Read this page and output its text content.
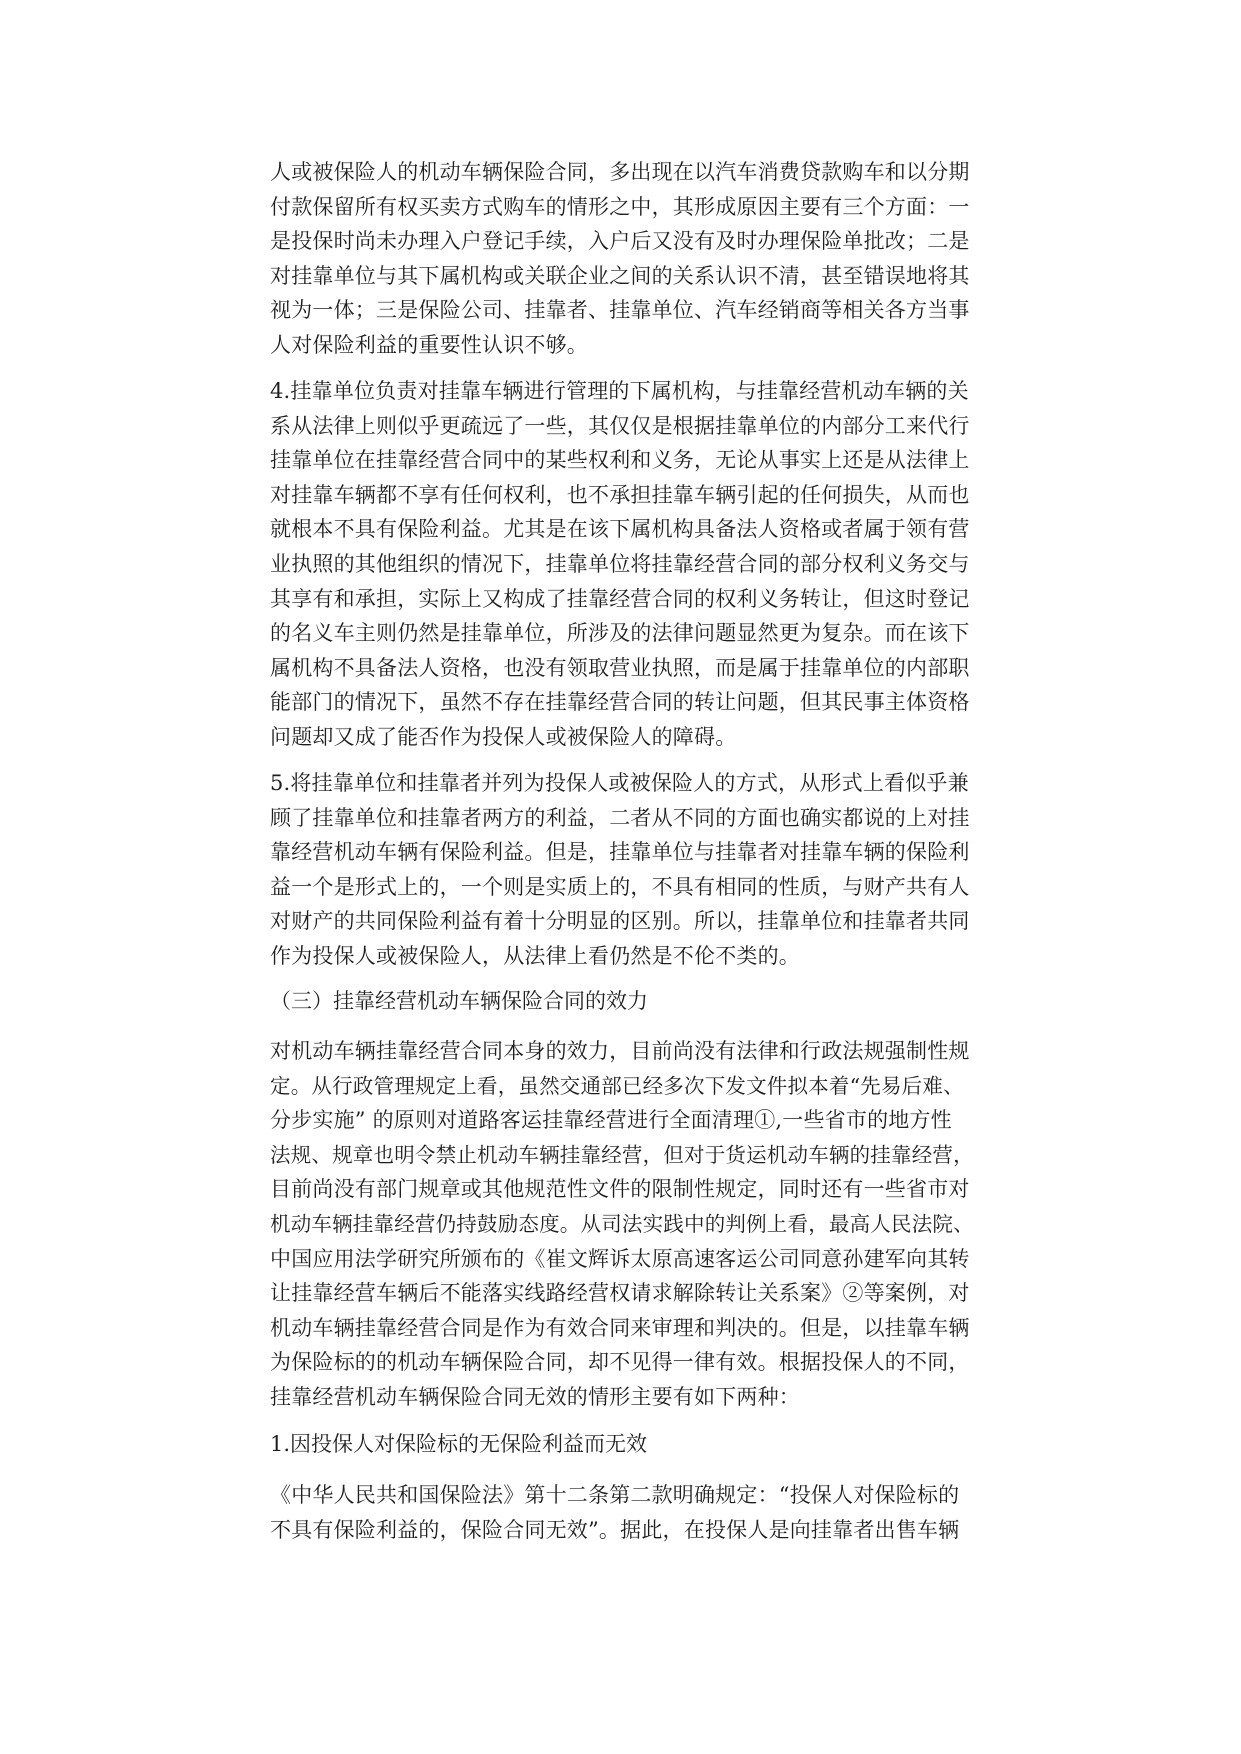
人或被保险人的机动车辆保险合同，多出现在以汽车消费贷款购车和以分期
付款保留所有权买卖方式购车的情形之中，其形成原因主要有三个方面：一
是投保时尚未办理入户登记手续，入户后又没有及时办理保险单批改；二是
对挂靠单位与其下属机构或关联企业之间的关系认识不清，甚至错误地将其
视为一体；三是保险公司、挂靠者、挂靠单位、汽车经销商等相关各方当事
人对保险利益的重要性认识不够。
4.挂靠单位负责对挂靠车辆进行管理的下属机构，与挂靠经营机动车辆的关
系从法律上则似乎更疏远了一些，其仅仅是根据挂靠单位的内部分工来代行
挂靠单位在挂靠经营合同中的某些权利和义务，无论从事实上还是从法律上
对挂靠车辆都不享有任何权利，也不承担挂靠车辆引起的任何损失，从而也
就根本不具有保险利益。尤其是在该下属机构具备法人资格或者属于领有营
业执照的其他组织的情况下，挂靠单位将挂靠经营合同的部分权利义务交与
其享有和承担，实际上又构成了挂靠经营合同的权利义务转让，但这时登记
的名义车主则仍然是挂靠单位，所涉及的法律问题显然更为复杂。而在该下
属机构不具备法人资格，也没有领取营业执照，而是属于挂靠单位的内部职
能部门的情况下，虽然不存在挂靠经营合同的转让问题，但其民事主体资格
问题却又成了能否作为投保人或被保险人的障碍。
5.将挂靠单位和挂靠者并列为投保人或被保险人的方式，从形式上看似乎兼
顾了挂靠单位和挂靠者两方的利益，二者从不同的方面也确实都说的上对挂
靠经营机动车辆有保险利益。但是，挂靠单位与挂靠者对挂靠车辆的保险利
益一个是形式上的，一个则是实质上的，不具有相同的性质，与财产共有人
对财产的共同保险利益有着十分明显的区别。所以，挂靠单位和挂靠者共同
作为投保人或被保险人，从法律上看仍然是不伦不类的。
（三）挂靠经营机动车辆保险合同的效力
对机动车辆挂靠经营合同本身的效力，目前尚没有法律和行政法规强制性规
定。从行政管理规定上看，虽然交通部已经多次下发文件拟本着“先易后难、
分步实施” 的原则对道路客运挂靠经营进行全面清理①,一些省市的地方性
法规、规章也明令禁止机动车辆挂靠经营，但对于货运机动车辆的挂靠经营，
目前尚没有部门规章或其他规范性文件的限制性规定，同时还有一些省市对
机动车辆挂靠经营仍持鼓励态度。从司法实践中的判例上看，最高人民法院、
中国应用法学研究所颁布的《崔文辉诉太原高速客运公司同意孙建军向其转
让挂靠经营车辆后不能落实线路经营权请求解除转让关系案》②等案例，对
机动车辆挂靠经营合同是作为有效合同来审理和判决的。但是，以挂靠车辆
为保险标的的机动车辆保险合同，却不见得一律有效。根据投保人的不同，
挂靠经营机动车辆保险合同无效的情形主要有如下两种：
1.因投保人对保险标的无保险利益而无效
《中华人民共和国保险法》第十二条第二款明确规定：“投保人对保险标的
不具有保险利益的，保险合同无效”。据此，在投保人是向挂靠者出售车辆
